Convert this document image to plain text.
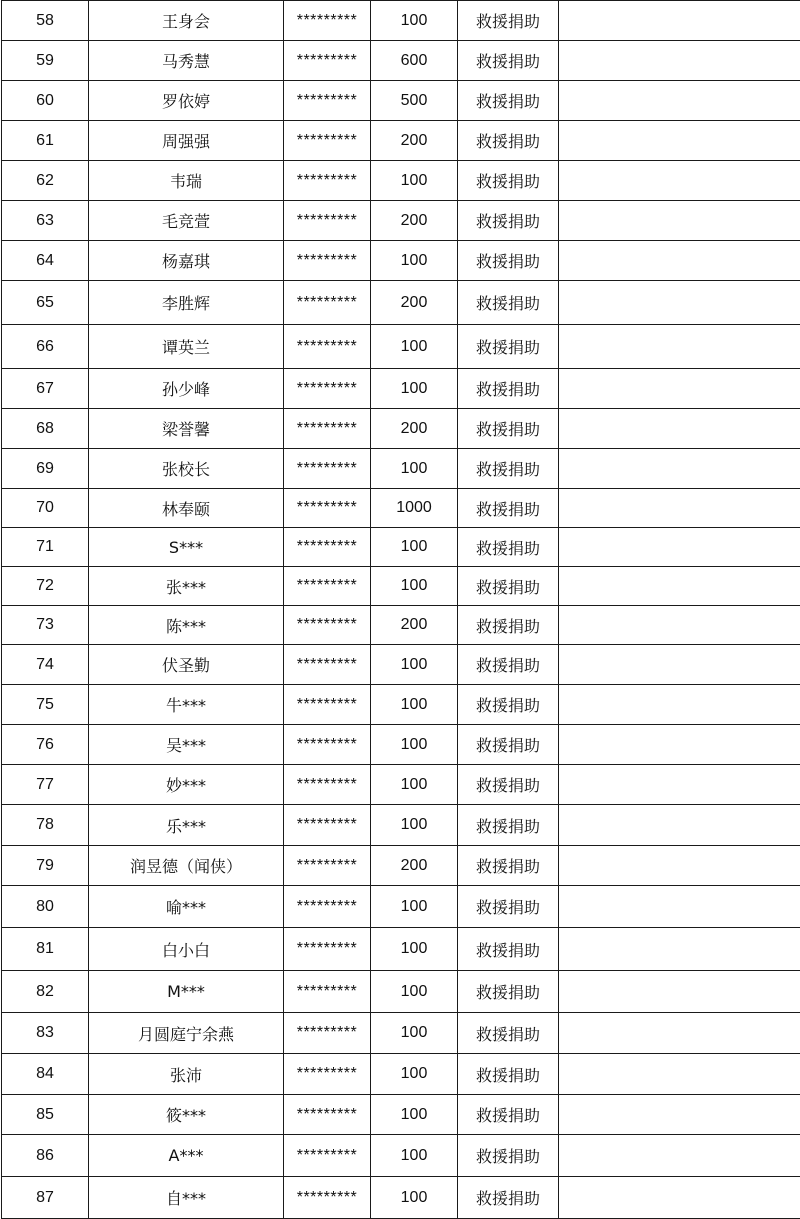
58	王身会	*********	100	救援捐助	
59	马秀慧	*********	600	救援捐助	
60	罗依婷	*********	500	救援捐助	
61	周强强	*********	200	救援捐助	
62	韦瑞	*********	100	救援捐助	
63	毛竞萱	*********	200	救援捐助	
64	杨嘉琪	*********	100	救援捐助	
65	李胜辉	*********	200	救援捐助	
66	谭英兰	*********	100	救援捐助	
67	孙少峰	*********	100	救援捐助	
68	梁誉馨	*********	200	救援捐助	
69	张校长	*********	100	救援捐助	
70	林奉颐	*********	1000	救援捐助	
71	S***	*********	100	救援捐助	
72	张***	*********	100	救援捐助	
73	陈***	*********	200	救援捐助	
74	伏圣勤	*********	100	救援捐助	
75	牛***	*********	100	救援捐助	
76	吴***	*********	100	救援捐助	
77	妙***	*********	100	救援捐助	
78	乐***	*********	100	救援捐助	
79	润昱德（闻侠）	*********	200	救援捐助	
80	喻***	*********	100	救援捐助	
81	白小白	*********	100	救援捐助	
82	M***	*********	100	救援捐助	
83	月圆庭宁余燕	*********	100	救援捐助	
84	张沛	*********	100	救援捐助	
85	筱***	*********	100	救援捐助	
86	A***	*********	100	救援捐助	
87	自***	*********	100	救援捐助	
